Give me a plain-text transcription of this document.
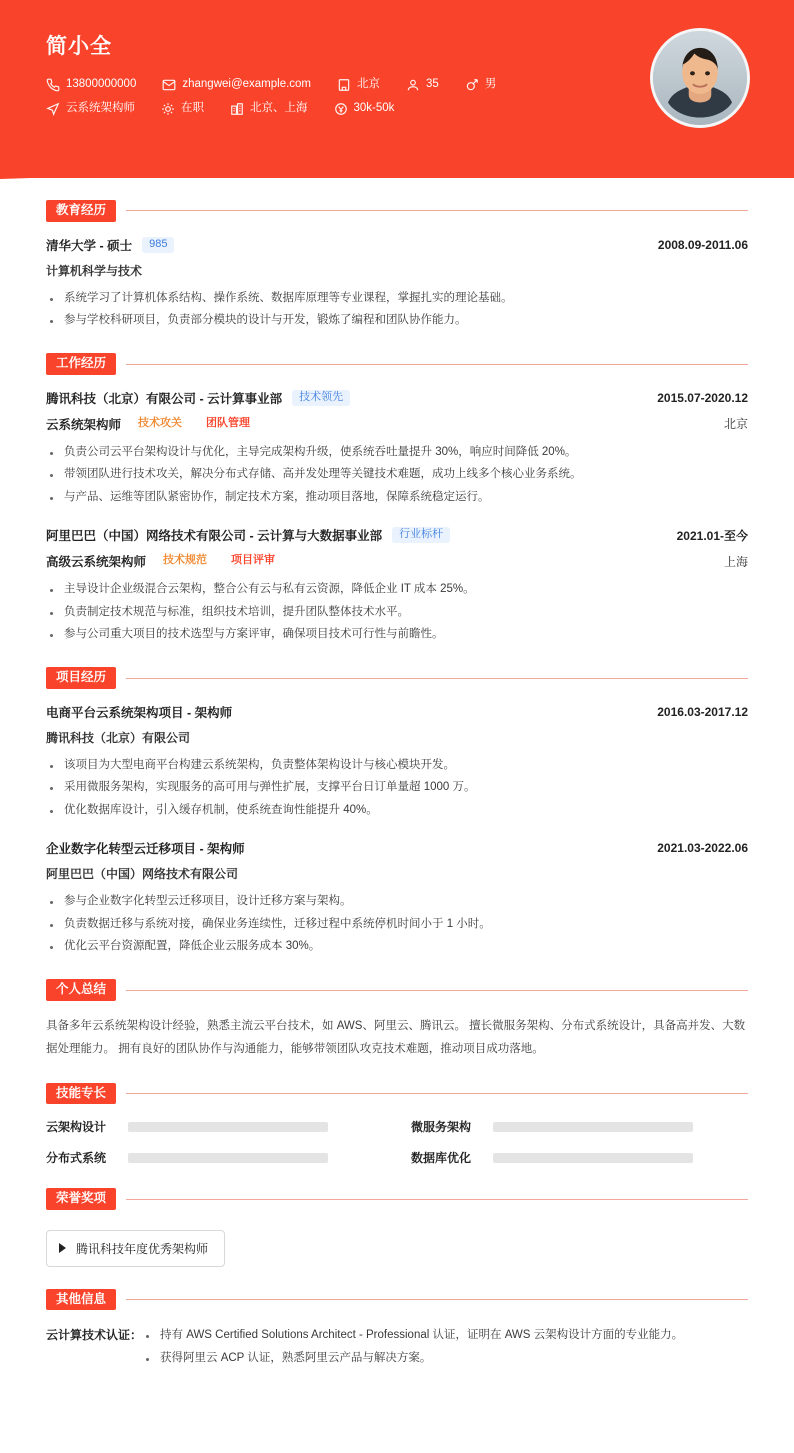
简小全
13800000000	zhangwei@example.com	北京	35	男
云系统架构师	在职	北京、上海	30k-50k
教育经历
清华大学 - 硕士	985	2008.09-2011.06
计算机科学与技术
系统学习了计算机体系结构、操作系统、数据库原理等专业课程，掌握扎实的理论基础。
参与学校科研项目，负责部分模块的设计与开发，锻炼了编程和团队协作能力。
工作经历
腾讯科技（北京）有限公司 - 云计算事业部	技术领先	2015.07-2020.12
云系统架构师	技术攻关	团队管理	北京
负责公司云平台架构设计与优化，主导完成架构升级，使系统吞吐量提升 30%，响应时间降低 20%。
带领团队进行技术攻关，解决分布式存储、高并发处理等关键技术难题，成功上线多个核心业务系统。
与产品、运维等团队紧密协作，制定技术方案，推动项目落地，保障系统稳定运行。
阿里巴巴（中国）网络技术有限公司 - 云计算与大数据事业部	行业标杆	2021.01-至今
高级云系统架构师	技术规范	项目评审	上海
主导设计企业级混合云架构，整合公有云与私有云资源，降低企业 IT 成本 25%。
负责制定技术规范与标准，组织技术培训，提升团队整体技术水平。
参与公司重大项目的技术选型与方案评审，确保项目技术可行性与前瞻性。
项目经历
电商平台云系统架构项目 - 架构师	2016.03-2017.12
腾讯科技（北京）有限公司
该项目为大型电商平台构建云系统架构，负责整体架构设计与核心模块开发。
采用微服务架构，实现服务的高可用与弹性扩展，支撑平台日订单量超 1000 万。
优化数据库设计，引入缓存机制，使系统查询性能提升 40%。
企业数字化转型云迁移项目 - 架构师	2021.03-2022.06
阿里巴巴（中国）网络技术有限公司
参与企业数字化转型云迁移项目，设计迁移方案与架构。
负责数据迁移与系统对接，确保业务连续性，迁移过程中系统停机时间小于 1 小时。
优化云平台资源配置，降低企业云服务成本 30%。
个人总结
具备多年云系统架构设计经验，熟悉主流云平台技术，如 AWS、阿里云、腾讯云。 擅长微服务架构、分布式系统设计，具备高并发、大数据处理能力。 拥有良好的团队协作与沟通能力，能够带领团队攻克技术难题，推动项目成功落地。
技能专长
云架构设计	微服务架构
分布式系统	数据库优化
荣誉奖项
腾讯科技年度优秀架构师
其他信息
云计算技术认证：	持有 AWS Certified Solutions Architect - Professional 认证，证明在 AWS 云架构设计方面的专业能力。
获得阿里云 ACP 认证，熟悉阿里云产品与解决方案。
